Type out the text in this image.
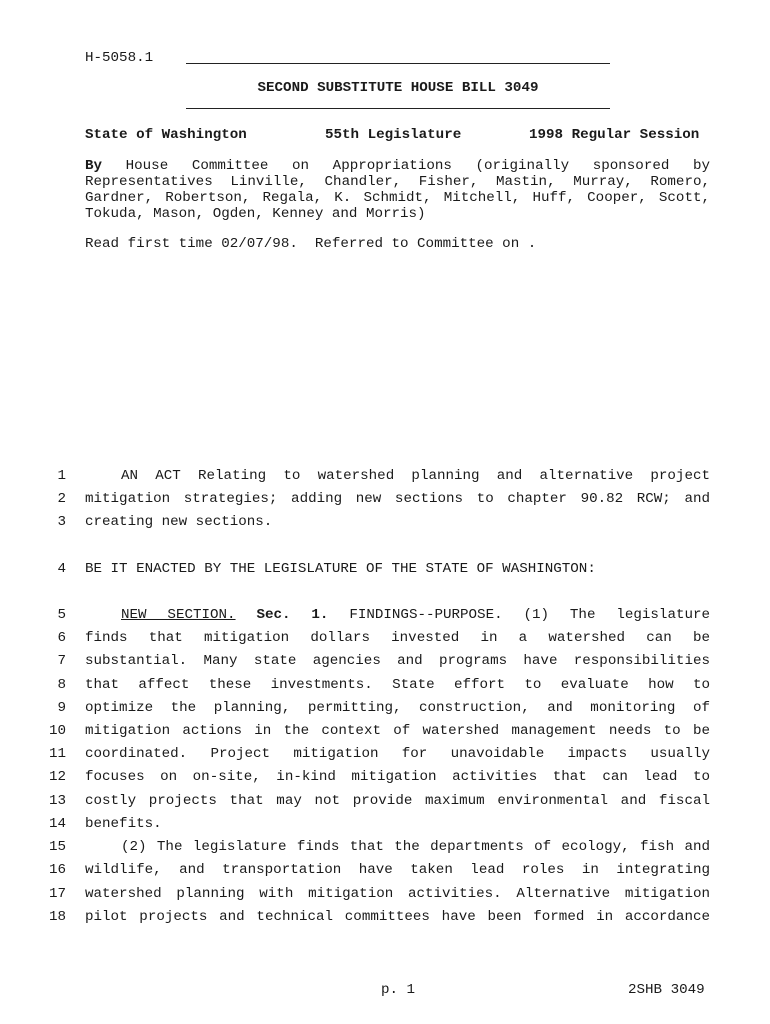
H-5058.1
SECOND SUBSTITUTE HOUSE BILL 3049
State of Washington	55th Legislature	1998 Regular Session
By House Committee on Appropriations (originally sponsored by
Representatives Linville, Chandler, Fisher, Mastin, Murray, Romero,
Gardner, Robertson, Regala, K. Schmidt, Mitchell, Huff, Cooper, Scott,
Tokuda, Mason, Ogden, Kenney and Morris)
Read first time 02/07/98.  Referred to Committee on .
1	AN ACT Relating to watershed planning and alternative project
2 mitigation strategies; adding new sections to chapter 90.82 RCW; and
3 creating new sections.
4 BE IT ENACTED BY THE LEGISLATURE OF THE STATE OF WASHINGTON:
5	NEW SECTION. Sec. 1. FINDINGS--PURPOSE. (1) The legislature
6 finds that mitigation dollars invested in a watershed can be
7 substantial. Many state agencies and programs have responsibilities
8 that affect these investments. State effort to evaluate how to
9 optimize the planning, permitting, construction, and monitoring of
10 mitigation actions in the context of watershed management needs to be
11 coordinated. Project mitigation for unavoidable impacts usually
12 focuses on on-site, in-kind mitigation activities that can lead to
13 costly projects that may not provide maximum environmental and fiscal
14 benefits.
15	(2) The legislature finds that the departments of ecology, fish and
16 wildlife, and transportation have taken lead roles in integrating
17 watershed planning with mitigation activities. Alternative mitigation
18 pilot projects and technical committees have been formed in accordance
p. 1	2SHB 3049
